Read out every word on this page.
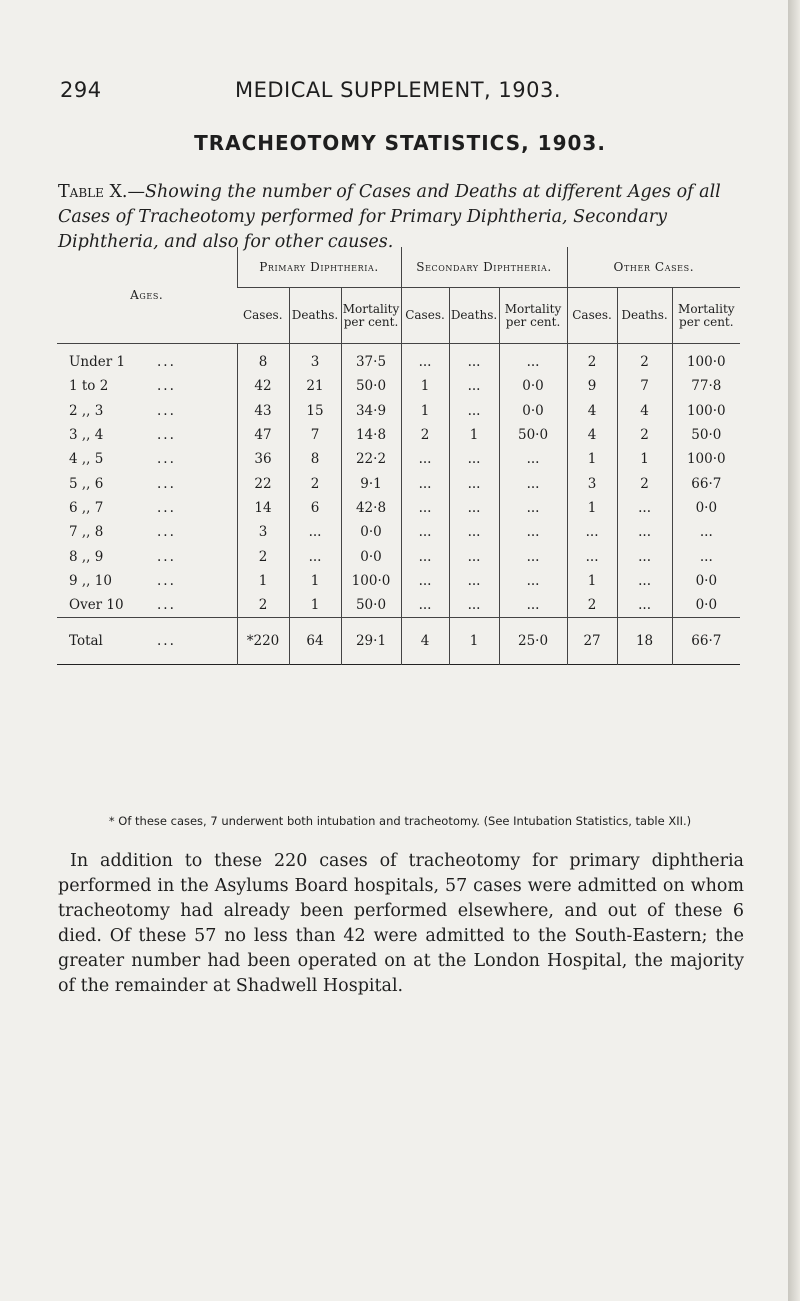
294	MEDICAL SUPPLEMENT, 1903.
TRACHEOTOMY STATISTICS, 1903.
Table X.—Showing the number of Cases and Deaths at different Ages of all Cases of Tracheotomy performed for Primary Diphtheria, Secondary Diphtheria, and also for other causes.
Ages.	Primary Diphtheria.			Secondary Diphtheria.			Other Cases.		
	Cases.	Deaths.	Mortality per cent.	Cases.	Deaths.	Mortality per cent.	Cases.	Deaths.	Mortality per cent.
Under 1 ...	8	3	37·5	...	...	...	2	2	100·0
1 to 2 ...	42	21	50·0	1	...	0·0	9	7	77·8
2 ,, 3 ...	43	15	34·9	1	...	0·0	4	4	100·0
3 ,, 4 ...	47	7	14·8	2	1	50·0	4	2	50·0
4 ,, 5 ...	36	8	22·2	...	...	...	1	1	100·0
5 ,, 6 ...	22	2	9·1	...	...	...	3	2	66·7
6 ,, 7 ...	14	6	42·8	...	...	...	1	...	0·0
7 ,, 8 ...	3	...	0·0	...	...	...	...	...	...
8 ,, 9 ...	2	...	0·0	...	...	...	...	...	...
9 ,, 10 ...	1	1	100·0	...	...	...	1	...	0·0
Over 10 ...	2	1	50·0	...	...	...	2	...	0·0
Total ...	*220	64	29·1	4	1	25·0	27	18	66·7
* Of these cases, 7 underwent both intubation and tracheotomy. (See Intubation Statistics, table XII.)
In addition to these 220 cases of tracheotomy for primary diphtheria performed in the Asylums Board hospitals, 57 cases were admitted on whom tracheotomy had already been performed elsewhere, and out of these 6 died. Of these 57 no less than 42 were admitted to the South-Eastern; the greater number had been operated on at the London Hospital, the majority of the remainder at Shadwell Hospital.
